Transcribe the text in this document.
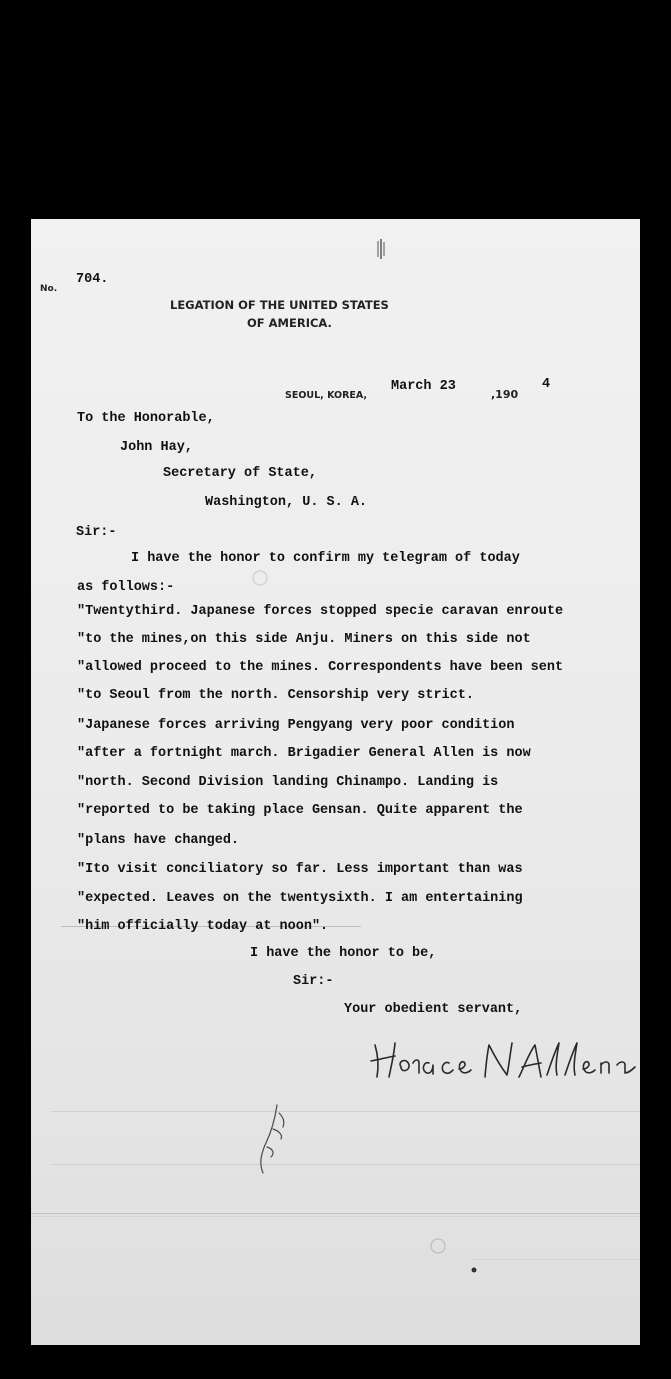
No.
704.
LEGATION OF THE UNITED STATES
OF AMERICA.
SEOUL, KOREA,
March 23
,190
4
To the Honorable,
John Hay,
Secretary of State,
Washington, U. S. A.
Sir:-
I have the honor to confirm my telegram of today
as follows:-
"Twentythird. Japanese forces stopped specie caravan enroute
"to the mines,on this side Anju. Miners on this side not
"allowed proceed to the mines. Correspondents have been sent
"to Seoul from the north. Censorship very strict.
"Japanese forces arriving Pengyang very poor condition
"after a fortnight march. Brigadier General Allen is now
"north. Second Division landing Chinampo. Landing is
"reported to be taking place Gensan. Quite apparent the
"plans have changed.
"Ito visit conciliatory so far. Less important than was
"expected. Leaves on the twentysixth. I am entertaining
"him officially today at noon".
I have the honor to be,
Sir:-
Your obedient servant,
